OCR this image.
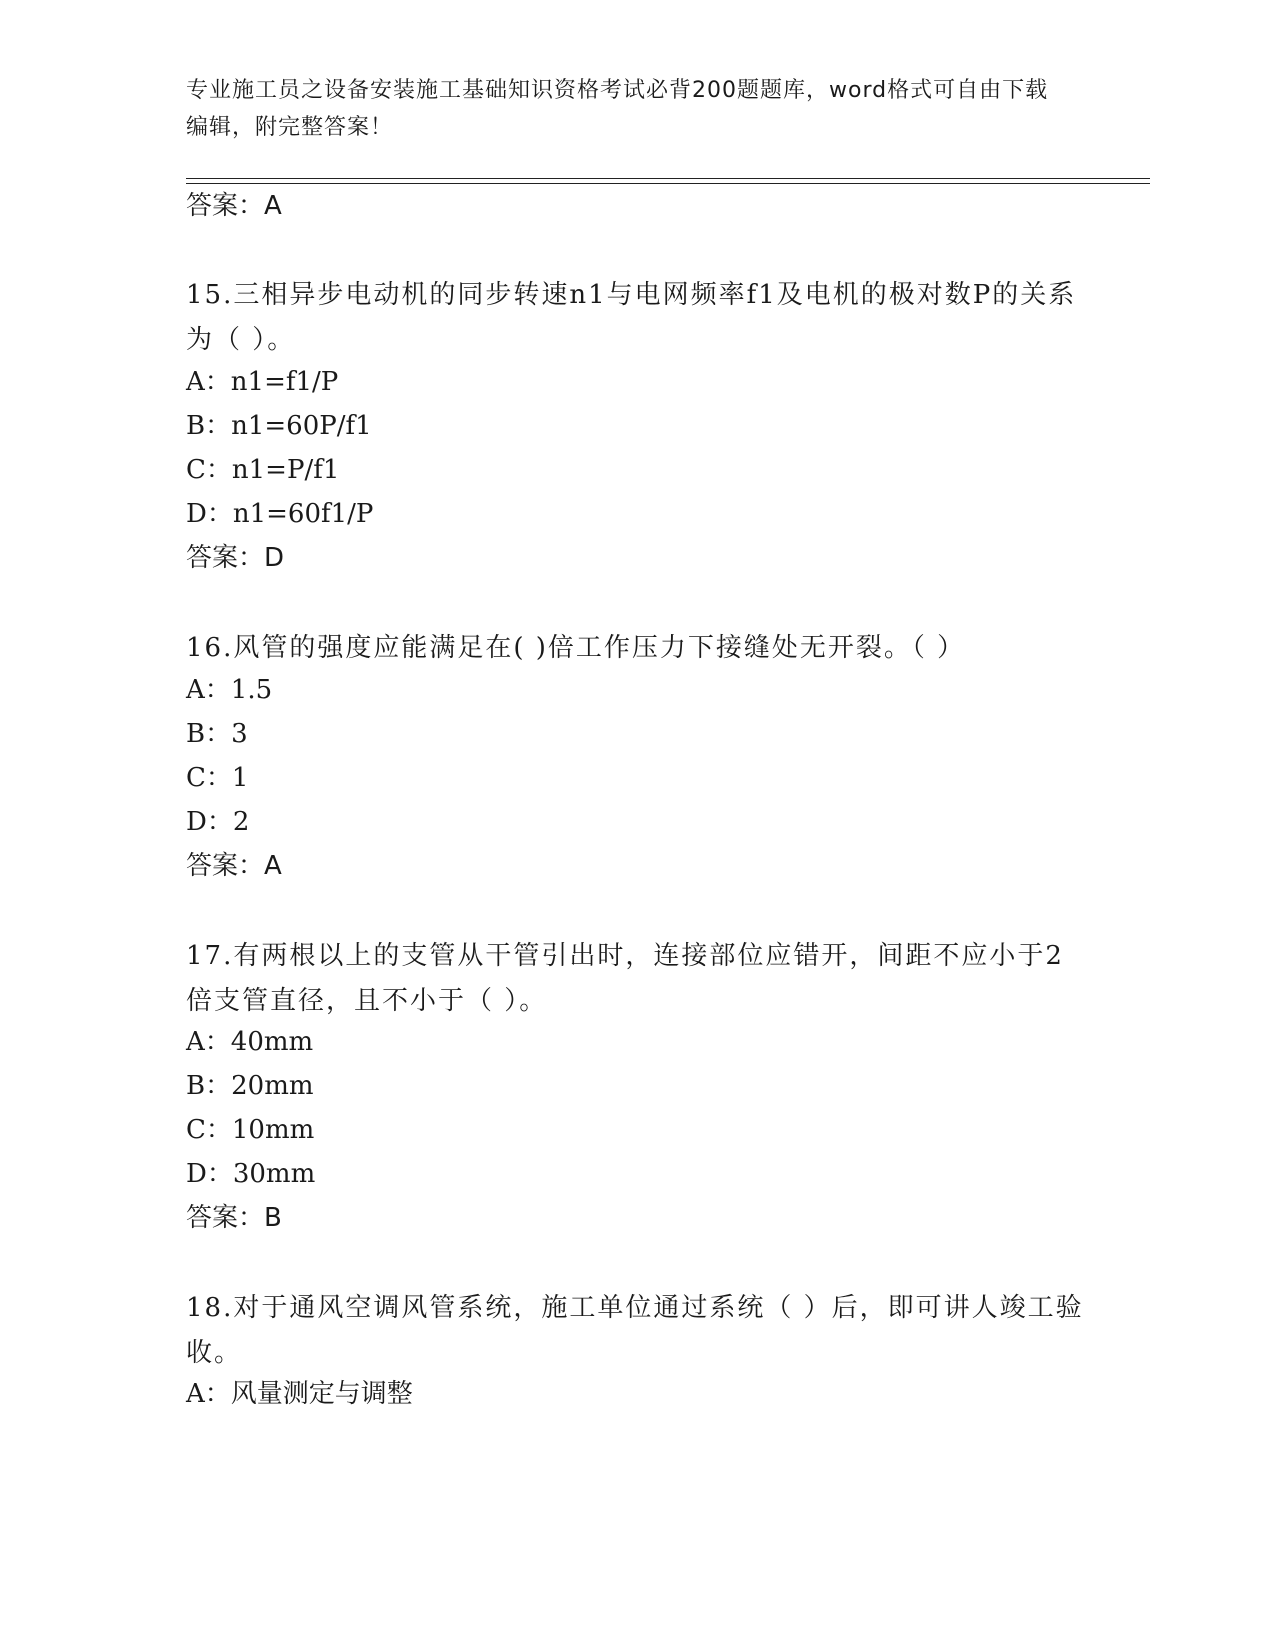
专业施工员之设备安装施工基础知识资格考试必背200题题库，word格式可自由下载编辑，附完整答案！
答案：A
15.三相异步电动机的同步转速n1与电网频率f1及电机的极对数P的关系为（ ）。
A：n1=f1/P
B：n1=60P/f1
C：n1=P/f1
D：n1=60f1/P
答案：D
16.风管的强度应能满足在( )倍工作压力下接缝处无开裂。（ ）
A：1.5
B：3
C：1
D：2
答案：A
17.有两根以上的支管从干管引出时，连接部位应错开，间距不应小于2倍支管直径，且不小于（ ）。
A：40mm
B：20mm
C：10mm
D：30mm
答案：B
18.对于通风空调风管系统，施工单位通过系统（ ）后，即可讲人竣工验收。
A：风量测定与调整
